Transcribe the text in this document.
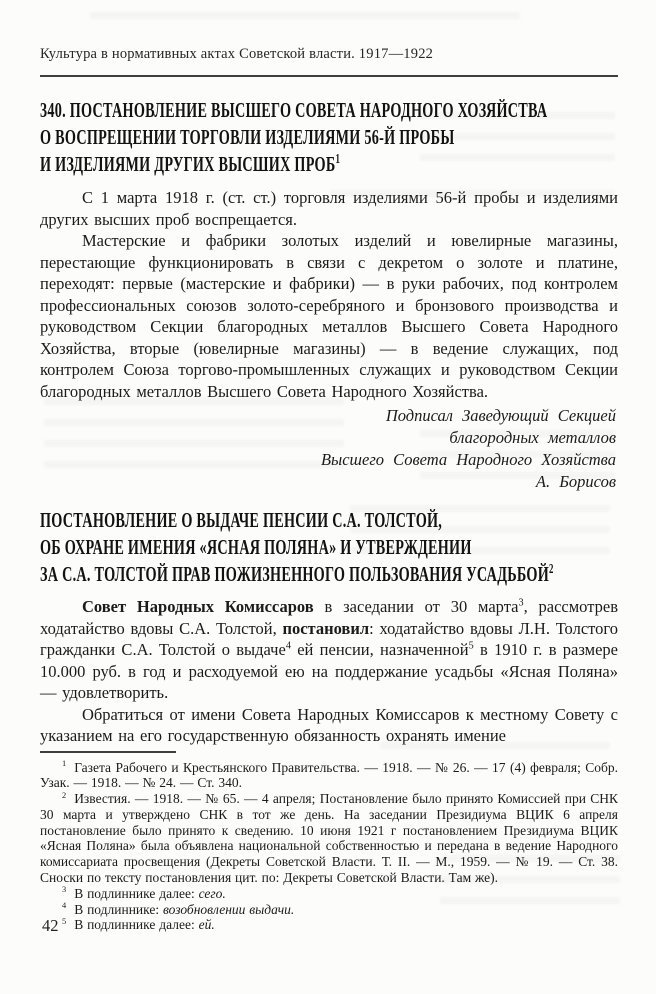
Культура в нормативных актах Советской власти. 1917—1922
340. ПОСТАНОВЛЕНИЕ ВЫСШЕГО СОВЕТА НАРОДНОГО ХОЗЯЙСТВА
О ВОСПРЕЩЕНИИ ТОРГОВЛИ ИЗДЕЛИЯМИ 56-Й ПРОБЫ
И ИЗДЕЛИЯМИ ДРУГИХ ВЫСШИХ ПРОБ$^1$

С 1 марта 1918 г. (ст. ст.) торговля изделиями 56-й пробы и изделиями других высших проб воспрещается.

Мастерские и фабрики золотых изделий и ювелирные магазины, перестающие функционировать в связи с декретом о золоте и платине, переходят: первые (мастерские и фабрики) — в руки рабочих, под контролем профессиональных союзов золото-серебряного и бронзового производства и руководством Секции благородных металлов Высшего Совета Народного Хозяйства, вторые (ювелирные магазины) — в ведение служащих, под контролем Союза торгово-промышленных служащих и руководством Секции благородных металлов Высшего Совета Народного Хозяйства.

Подписал Заведующий Секцией
благородных металлов
Высшего Совета Народного Хозяйства
А. Борисов
ПОСТАНОВЛЕНИЕ О ВЫДАЧЕ ПЕНСИИ С.А. ТОЛСТОЙ,
ОБ ОХРАНЕ ИМЕНИЯ «ЯСНАЯ ПОЛЯНА» И УТВЕРЖДЕНИИ
ЗА С.А. ТОЛСТОЙ ПРАВ ПОЖИЗНЕННОГО ПОЛЬЗОВАНИЯ УСАДЬБОЙ$^2$

Совет Народных Комиссаров в заседании от 30 марта$^3$, рассмотрев ходатайство вдовы С.А. Толстой, постановил: ходатайство вдовы Л.Н. Толстого гражданки С.А. Толстой о выдаче$^4$ ей пенсии, назначенной$^5$ в 1910 г. в размере 10.000 руб. в год и расходуемой ею на поддержание усадьбы «Ясная Поляна» — удовлетворить.

Обратиться от имени Совета Народных Комиссаров к местному Совету с указанием на его государственную обязанность охранять имение

$^1$ Газета Рабочего и Крестьянского Правительства. — 1918. — № 26. — 17 (4) февраля; Собр. Узак. — 1918. — № 24. — Ст. 340.
$^2$ Известия. — 1918. — № 65. — 4 апреля; Постановление было принято Комиссией при СНК 30 марта и утверждено СНК в тот же день. На заседании Президиума ВЦИК 6 апреля постановление было принято к сведению. 10 июня 1921 г постановлением Президиума ВЦИК «Ясная Поляна» была объявлена национальной собственностью и передана в ведение Народного комиссариата просвещения (Декреты Советской Власти. Т. II. — М., 1959. — № 19. — Ст. 38. Сноски по тексту постановления цит. по: Декреты Советской Власти. Там же).
$^3$ В подлиннике далее: сего.
$^4$ В подлиннике: возобновлении выдачи.
$^5$ В подлиннике далее: ей.
42
